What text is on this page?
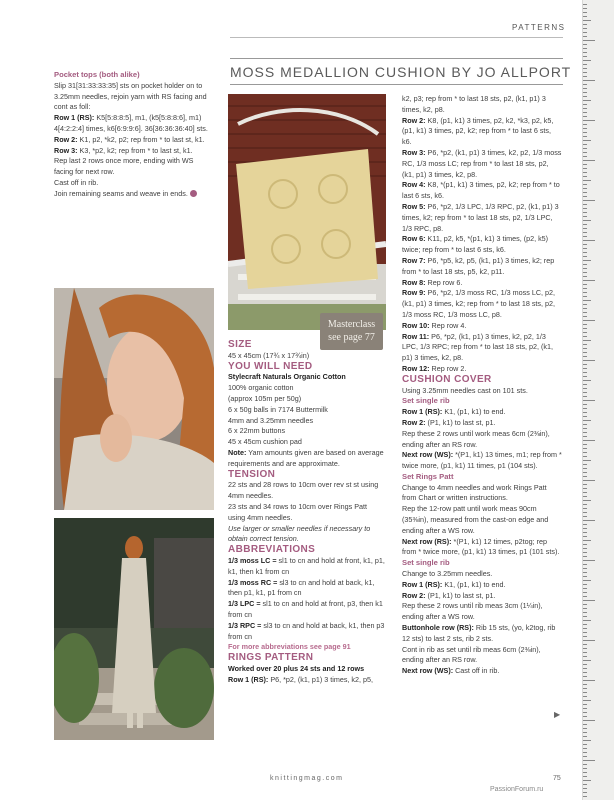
PATTERNS
MOSS MEDALLION CUSHION BY JO ALLPORT

Pocket tops (both alike)

Slip 31[31:33:33:35] sts on pocket holder on to 3.25mm needles, rejoin yarn with RS facing and cont as foll:

Row 1 (RS): K5[5:8:8:5], m1, (k5[5:8:8:6], m1) 4[4:2:2:4] times, k6[6:9:9:6]. 36[36:36:36:40] sts.

Row 2: K1, p2, *k2, p2; rep from * to last st, k1.

Row 3: K3, *p2, k2; rep from * to last st, k1.

Rep last 2 rows once more, ending with WS facing for next row.

Cast off in rib.

Join remaining seams and weave in ends.

Masterclass
see page 77

SIZE

45 x 45cm (17¾ x 17¾in)

YOU WILL NEED

Stylecraft Naturals Organic Cotton

100% organic cotton

(approx 105m per 50g)

6 x 50g balls in 7174 Buttermilk

4mm and 3.25mm needles

6 x 22mm buttons

45 x 45cm cushion pad

Note: Yarn amounts given are based on average requirements and are approximate.

TENSION

22 sts and 28 rows to 10cm over rev st st using 4mm needles.

23 sts and 34 rows to 10cm over Rings Patt using 4mm needles.

Use larger or smaller needles if necessary to obtain correct tension.

ABBREVIATIONS

1/3 moss LC = sl1 to cn and hold at front, k1, p1, k1, then k1 from cn

1/3 moss RC = sl3 to cn and hold at back, k1, then p1, k1, p1 from cn

1/3 LPC = sl1 to cn and hold at front, p3, then k1 from cn

1/3 RPC = sl3 to cn and hold at back, k1, then p3 from cn

For more abbreviations see page 91

RINGS PATTERN

Worked over 20 plus 24 sts and 12 rows

Row 1 (RS): P6, *p2, (k1, p1) 3 times, k2, p5,

k2, p3; rep from * to last 18 sts, p2, (k1, p1) 3 times, k2, p8.

Row 2: K8, (p1, k1) 3 times, p2, k2, *k3, p2, k5, (p1, k1) 3 times, p2, k2; rep from * to last 6 sts, k6.

Row 3: P6, *p2, (k1, p1) 3 times, k2, p2, 1/3 moss RC, 1/3 moss LC; rep from * to last 18 sts, p2, (k1, p1) 3 times, k2, p8.

Row 4: K8, *(p1, k1) 3 times, p2, k2; rep from * to last 6 sts, k6.

Row 5: P6, *p2, 1/3 LPC, 1/3 RPC, p2, (k1, p1) 3 times, k2; rep from * to last 18 sts, p2, 1/3 LPC, 1/3 RPC, p8.

Row 6: K11, p2, k5, *(p1, k1) 3 times, (p2, k5) twice; rep from * to last 6 sts, k6.

Row 7: P6, *p5, k2, p5, (k1, p1) 3 times, k2; rep from * to last 18 sts, p5, k2, p11.

Row 8: Rep row 6.

Row 9: P6, *p2, 1/3 moss RC, 1/3 moss LC, p2, (k1, p1) 3 times, k2; rep from * to last 18 sts, p2, 1/3 moss RC, 1/3 moss LC, p8.

Row 10: Rep row 4.

Row 11: P6, *p2, (k1, p1) 3 times, k2, p2, 1/3 LPC, 1/3 RPC; rep from * to last 18 sts, p2, (k1, p1) 3 times, k2, p8.

Row 12: Rep row 2.

CUSHION COVER

Using 3.25mm needles cast on 101 sts.

Set single rib

Row 1 (RS): K1, (p1, k1) to end.

Row 2: (P1, k1) to last st, p1.

Rep these 2 rows until work meas 6cm (2⅜in), ending after an RS row.

Next row (WS): *(P1, k1) 13 times, m1; rep from * twice more, (p1, k1) 11 times, p1 (104 sts).

Set Rings Patt

Change to 4mm needles and work Rings Patt from Chart or written instructions.

Rep the 12-row patt until work meas 90cm (35⅜in), measured from the cast-on edge and ending after a WS row.

Next row (RS): *(P1, k1) 12 times, p2tog; rep from * twice more, (p1, k1) 13 times, p1 (101 sts).

Set single rib

Change to 3.25mm needles.

Row 1 (RS): K1, (p1, k1) to end.

Row 2: (P1, k1) to last st, p1.

Rep these 2 rows until rib meas 3cm (1¼in), ending after a WS row.

Buttonhole row (RS): Rib 15 sts, (yo, k2tog, rib 12 sts) to last 2 sts, rib 2 sts.

Cont in rib as set until rib meas 6cm (2⅜in), ending after an RS row.

Next row (WS): Cast off in rib.

▶
knittingmag.com	75
PassionForum.ru
